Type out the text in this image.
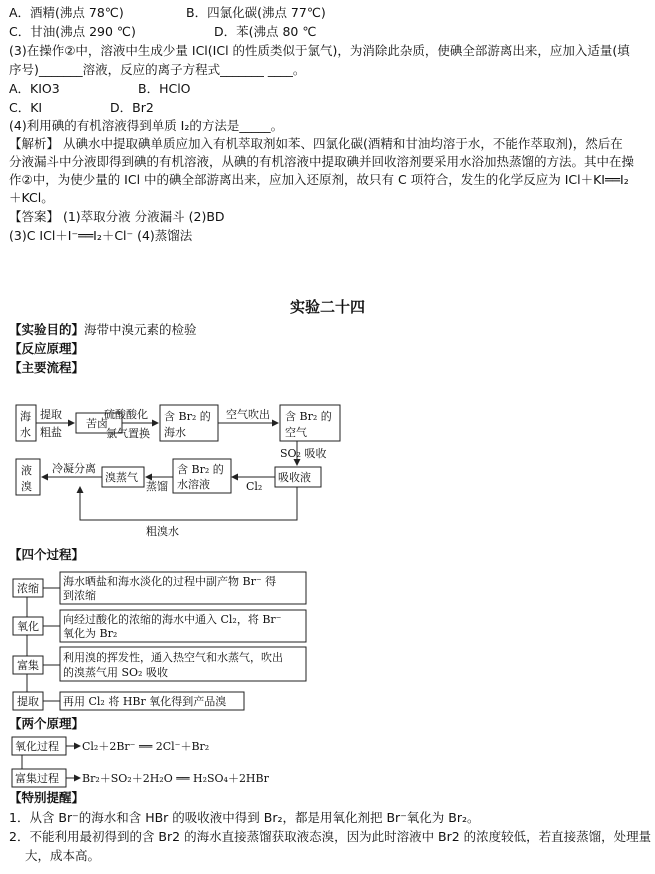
A．酒精(沸点 78℃)	B．四氯化碳(沸点 77℃)
C．甘油(沸点 290 ℃)	D．苯(沸点 80 ℃
(3)在操作②中，溶液中生成少量 ICl(ICl 的性质类似于氯气)，为消除此杂质，使碘全部游离出来，应加入适量(填
序号)_______溶液，反应的离子方程式_______ ____。
A．KIO3	B．HClO
C．KI	D．Br2
(4)利用碘的有机溶液得到单质 I₂的方法是_____。
【解析】 从碘水中提取碘单质应加入有机萃取剂如苯、四氯化碳(酒精和甘油均溶于水，不能作萃取剂)，然后在
分液漏斗中分液即得到碘的有机溶液，从碘的有机溶液中提取碘并回收溶剂要采用水浴加热蒸馏的方法。其中在操
作②中，为使少量的 ICl 中的碘全部游离出来，应加入还原剂，故只有 C 项符合，发生的化学反应为 ICl＋KI══I₂
＋KCl。
【答案】 (1)萃取分液 分液漏斗 (2)BD
(3)C ICl＋I⁻══I₂＋Cl⁻ (4)蒸馏法
实验二十四
【实验目的】海带中溴元素的检验
【反应原理】
【主要流程】
海
水
提取
粗盐
苦卤
硫酸酸化
氯气置换
含 Br₂ 的
海水
空气吹出 含 Br₂ 的
空气
SO₂ 吸收
吸收液
Cl₂
含 Br₂ 的
水溶液
蒸馏
溴蒸气
冷凝分离
液
溴
粗溴水
浓缩
海水晒盐和海水淡化的过程中副产物 Br⁻ 得
到浓缩
氧化
向经过酸化的浓缩的海水中通入 Cl₂，将 Br⁻
氧化为 Br₂
富集
利用溴的挥发性，通入热空气和水蒸气，吹出
的溴蒸气用 SO₂ 吸收
提取 再用 Cl₂ 将 HBr 氧化得到产品溴
氧化过程 Cl₂＋2Br⁻ ══ 2Cl⁻＋Br₂
富集过程 Br₂＋SO₂＋2H₂O ══ H₂SO₄＋2HBr
【四个过程】
【两个原理】
【特别提醒】
1．从含 Br⁻的海水和含 HBr 的吸收液中得到 Br₂，都是用氧化剂把 Br⁻氧化为 Br₂。
2．不能利用最初得到的含 Br2 的海水直接蒸馏获取液态溴，因为此时溶液中 Br2 的浓度较低，若直接蒸馏，处理量
大，成本高。
